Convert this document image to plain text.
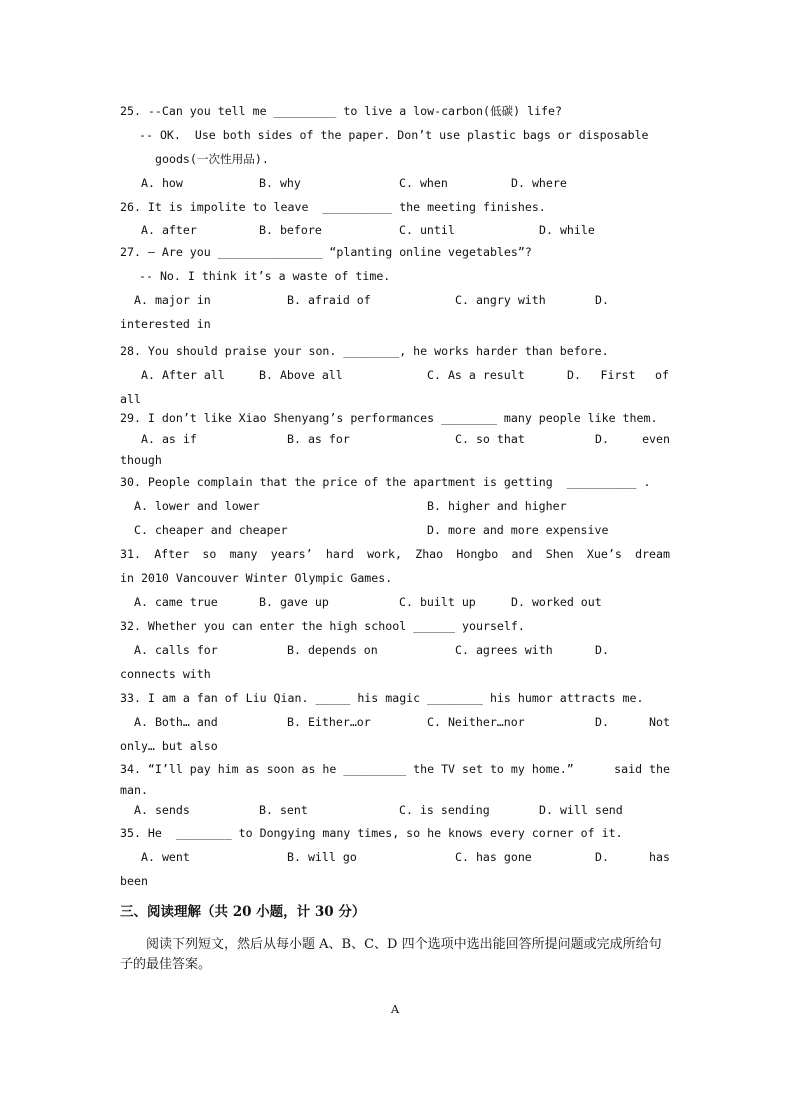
25. --Can you tell me _________ to live a low-carbon(低碳) life?
-- OK.  Use both sides of the paper. Don’t use plastic bags or disposable
goods(一次性用品).
A. how	B. why	C. when	D. where
26. It is impolite to leave  __________ the meeting finishes.
A. after	B. before	C. until	D. while
27. – Are you _______________ “planting online vegetables”?
-- No. I think it’s a waste of time.
A. major in	B. afraid of	C. angry with	D.
interested in
28. You should praise your son. ________, he works harder than before.
A. After all	B. Above all	C. As a result	D. First of
all
29. I don’t like Xiao Shenyang’s performances ________ many people like them.
A. as if	B. as for	C. so that	D.	even
though
30. People complain that the price of the apartment is getting  __________ .
A. lower and lower	B. higher and higher
C. cheaper and cheaper	D. more and more expensive
31. After so many years’ hard work, Zhao Hongbo and Shen Xue’s dream
in 2010 Vancouver Winter Olympic Games.
A. came true	B. gave up	C. built up	D. worked out
32. Whether you can enter the high school ______ yourself.
A. calls for	B. depends on	C. agrees with	D.
connects with
33. I am a fan of Liu Qian. _____ his magic ________ his humor attracts me.
A. Both… and	B. Either…or	C. Neither…nor	D.	Not
only… but also
34. “I’ll pay him as soon as he _________ the TV set to my home.”	said the
man.
A. sends	B. sent	C. is sending	D. will send
35. He  ________ to Dongying many times, so he knows every corner of it.
A. went	B. will go	C. has gone	D.	has
been
三、阅读理解（共 20 小题，计 30 分）
阅读下列短文，然后从每小题 A、B、C、D 四个选项中选出能回答所提问题或完成所给句子的最佳答案。
A
